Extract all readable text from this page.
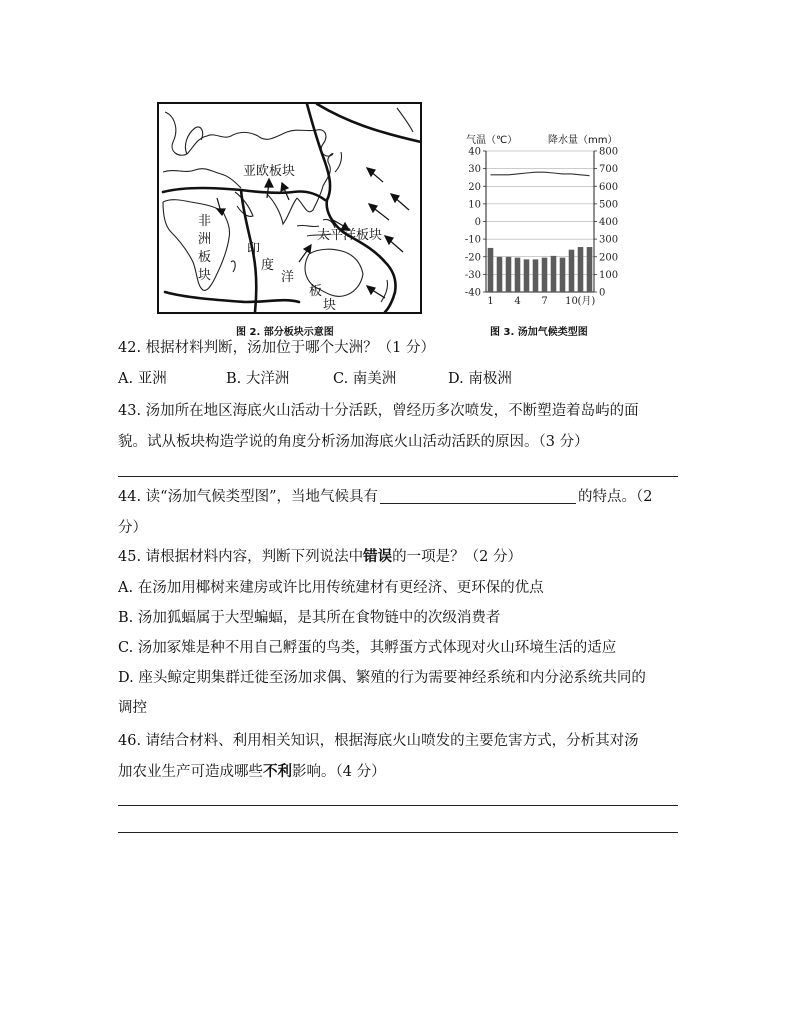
亚欧板块
太平洋板块
非
洲
板
块
印
度
洋
板
块
图 2. 部分板块示意图
气温（℃）	降水量（mm）
40	800
30	700
20	600
10	500
0	400
-10	300
-20	200
-30	100
-40	0
1 4 7 10 (月)
图 3. 汤加气候类型图
42. 根据材料判断，汤加位于哪个大洲？（1 分）
A. 亚洲	B. 大洋洲	C. 南美洲	D. 南极洲
43. 汤加所在地区海底火山活动十分活跃，曾经历多次喷发，不断塑造着岛屿的面
貌。试从板块构造学说的角度分析汤加海底火山活动活跃的原因。（3 分）
44. 读“汤加气候类型图”，当地气候具有	的特点。（2
分）
45. 请根据材料内容，判断下列说法中错误的一项是？（2 分）
A. 在汤加用椰树来建房或许比用传统建材有更经济、更环保的优点
B. 汤加狐蝠属于大型蝙蝠，是其所在食物链中的次级消费者
C. 汤加冢雉是种不用自己孵蛋的鸟类，其孵蛋方式体现对火山环境生活的适应
D. 座头鲸定期集群迁徙至汤加求偶、繁殖的行为需要神经系统和内分泌系统共同的
调控
46. 请结合材料、利用相关知识，根据海底火山喷发的主要危害方式，分析其对汤
加农业生产可造成哪些不利影响。（4 分）
